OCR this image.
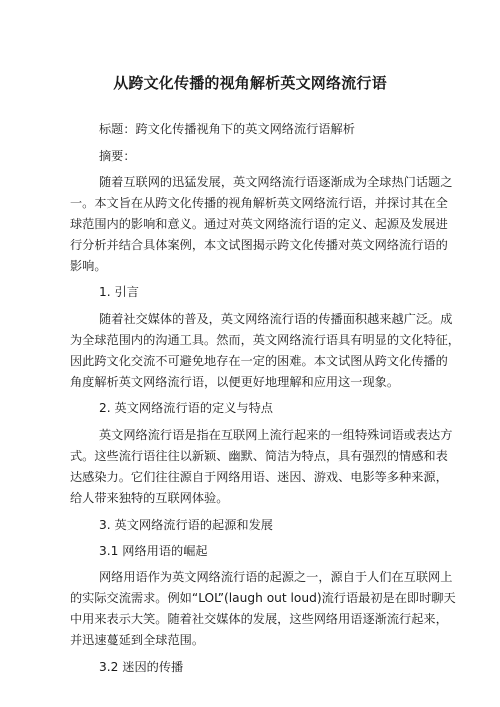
从跨文化传播的视角解析英文网络流行语
标题：跨文化传播视角下的英文网络流行语解析
摘要：
随着互联网的迅猛发展，英文网络流行语逐渐成为全球热门话题之
一。本文旨在从跨文化传播的视角解析英文网络流行语，并探讨其在全
球范围内的影响和意义。通过对英文网络流行语的定义、起源及发展进
行分析并结合具体案例，本文试图揭示跨文化传播对英文网络流行语的
影响。
1. 引言
随着社交媒体的普及，英文网络流行语的传播面积越来越广泛。成
为全球范围内的沟通工具。然而，英文网络流行语具有明显的文化特征，
因此跨文化交流不可避免地存在一定的困难。本文试图从跨文化传播的
角度解析英文网络流行语，以便更好地理解和应用这一现象。
2. 英文网络流行语的定义与特点
英文网络流行语是指在互联网上流行起来的一组特殊词语或表达方
式。这些流行语往往以新颖、幽默、简洁为特点，具有强烈的情感和表
达感染力。它们往往源自于网络用语、迷因、游戏、电影等多种来源，
给人带来独特的互联网体验。
3. 英文网络流行语的起源和发展
3.1 网络用语的崛起
网络用语作为英文网络流行语的起源之一，源自于人们在互联网上
的实际交流需求。例如“LOL”(laugh out loud)流行语最初是在即时聊天
中用来表示大笑。随着社交媒体的发展，这些网络用语逐渐流行起来，
并迅速蔓延到全球范围。
3.2 迷因的传播
